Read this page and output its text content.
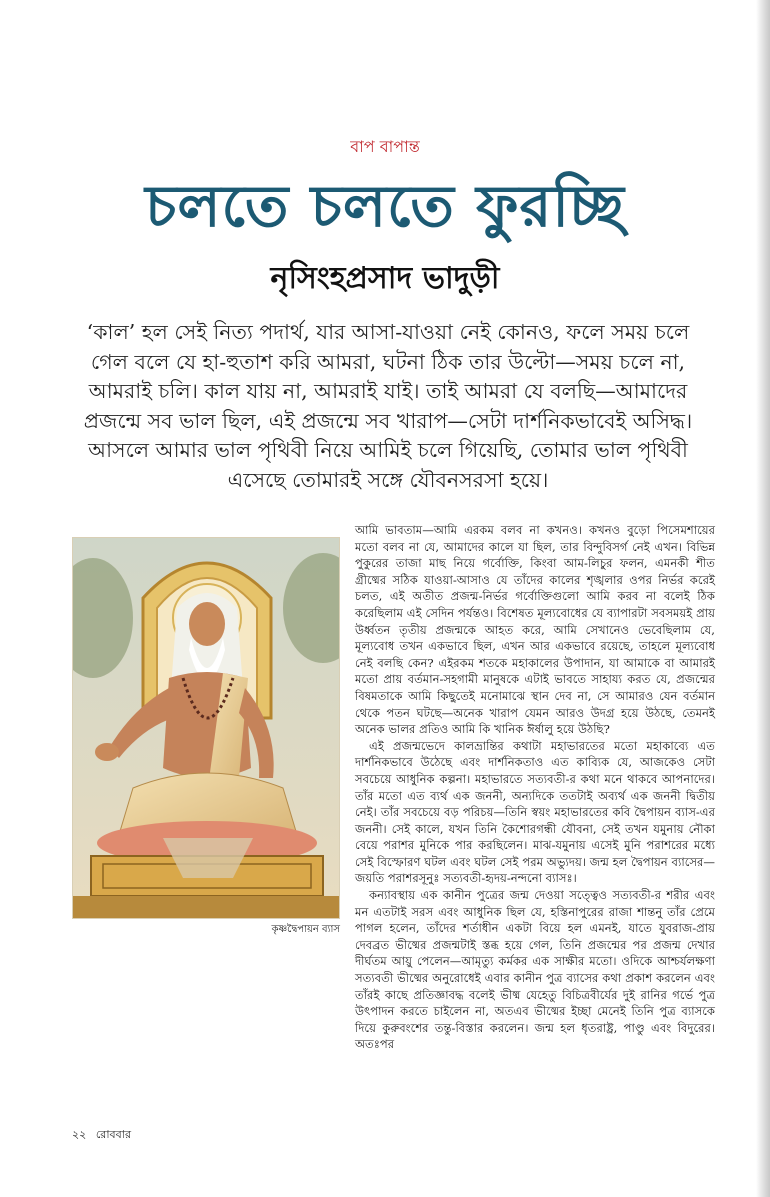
বাপ বাপান্ত
চলতে চলতে ফুরচ্ছি
নৃসিংহপ্রসাদ ভাদুড়ী

‘কাল’ হল সেই নিত্য পদার্থ, যার আসা-যাওয়া নেই কোনও, ফলে সময় চলে গেল বলে যে হা-হুতাশ করি আমরা, ঘটনা ঠিক তার উল্টো—সময় চলে না, আমরাই চলি। কাল যায় না, আমরাই যাই। তাই আমরা যে বলছি—আমাদের প্রজন্মে সব ভাল ছিল, এই প্রজন্মে সব খারাপ—সেটা দার্শনিকভাবেই অসিদ্ধ। আসলে আমার ভাল পৃথিবী নিয়ে আমিই চলে গিয়েছি, তোমার ভাল পৃথিবী এসেছে তোমারই সঙ্গে যৌবনসরসা হয়ে।

কৃষ্ণদ্বৈপায়ন ব্যাস

আমি ভাবতাম—আমি এরকম বলব না কখনও। কখনও বুড়ো পিসেমশায়ের মতো বলব না যে, আমাদের কালে যা ছিল, তার বিন্দুবিসর্গ নেই এখন। বিভিন্ন পুকুরের তাজা মাছ নিয়ে গর্বোক্তি, কিংবা আম-লিচুর ফলন, এমনকী শীত গ্রীষ্মের সঠিক যাওয়া-আসাও যে তাঁদের কালের শৃঙ্খলার ওপর নির্ভর করেই চলত, এই অতীত প্রজন্ম-নির্ভর গর্বোক্তিগুলো আমি করব না বলেই ঠিক করেছিলাম এই সেদিন পর্যন্তও। বিশেষত মূল্যবোধের যে ব্যাপারটা সবসময়ই প্রায় উর্ধ্বতন তৃতীয় প্রজন্মকে আহত করে, আমি সেখানেও ভেবেছিলাম যে, মূল্যবোধ তখন একভাবে ছিল, এখন আর একভাবে রয়েছে, তাহলে মূল্যবোধ নেই বলছি কেন? এইরকম শতকে মহাকালের উপাদান, যা আমাকে বা আমারই মতো প্রায় বর্তমান-সহগামী মানুষকে এটাই ভাবতে সাহায্য করত যে, প্রজন্মের বিষমতাকে আমি কিছুতেই মনোমাঝে স্থান দেব না, সে আমারও যেন বর্তমান থেকে পতন ঘটছে—অনেক খারাপ যেমন আরও উদগ্র হয়ে উঠছে, তেমনই অনেক ভালর প্রতিও আমি কি খানিক ঈর্ষালু হয়ে উঠছি?

এই প্রজন্মভেদে কালভ্রান্তির কথাটা মহাভারতের মতো মহাকাব্যে এত দার্শনিকভাবে উঠেছে এবং দার্শনিকতাও এত কাব্যিক যে, আজকেও সেটা সবচেয়ে আধুনিক কল্পনা। মহাভারতে সত্যবতী-র কথা মনে থাকবে আপনাদের। তাঁর মতো এত ব্যর্থ এক জননী, অন্যদিকে ততটাই অব্যর্থ এক জননী দ্বিতীয় নেই। তাঁর সবচেয়ে বড় পরিচয়—তিনি স্বয়ং মহাভারতের কবি দ্বৈপায়ন ব্যাস-এর জননী। সেই কালে, যখন তিনি কৈশোরগন্ধী যৌবনা, সেই তখন যমুনায় নৌকা বেয়ে পরাশর মুনিকে পার করছিলেন। মাঝ-যমুনায় এসেই মুনি পরাশরের মধ্যে সেই বিস্ফোরণ ঘটল এবং ঘটল সেই পরম অভ্যুদয়। জন্ম হল দ্বৈপায়ন ব্যাসের—জয়তি পরাশরসূনুঃ সত্যবতী-হৃদয়-নন্দনো ব্যাসঃ।

কন্যাবস্থায় এক কানীন পুত্রের জন্ম দেওয়া সত্ত্বেও সত্যবতী-র শরীর এবং মন এতটাই সরস এবং আধুনিক ছিল যে, হস্তিনাপুরের রাজা শান্তনু তাঁর প্রেমে পাগল হলেন, তাঁদের শর্তাধীন একটা বিয়ে হল এমনই, যাতে যুবরাজ-প্রায় দেবব্রত ভীষ্মের প্রজন্মটাই স্তব্ধ হয়ে গেল, তিনি প্রজন্মের পর প্রজন্ম দেখার দীর্ঘতম আয়ু পেলেন—আমৃত্যু কর্মকর এক সাক্ষীর মতো। ওদিকে আশ্চর্যলক্ষণা সত্যবতী ভীষ্মের অনুরোধেই এবার কানীন পুত্র ব্যাসের কথা প্রকাশ করলেন এবং তাঁরই কাছে প্রতিজ্ঞাবদ্ধ বলেই ভীষ্ম যেহেতু বিচিত্রবীর্যের দুই রানির গর্ভে পুত্র উৎপাদন করতে চাইলেন না, অতএব ভীষ্মের ইচ্ছা মেনেই তিনি পুত্র ব্যাসকে দিয়ে কুরুবংশের তন্তু-বিস্তার করলেন। জন্ম হল ধৃতরাষ্ট্র, পাণ্ডু এবং বিদুরের। অতঃপর

২২ রোববার
